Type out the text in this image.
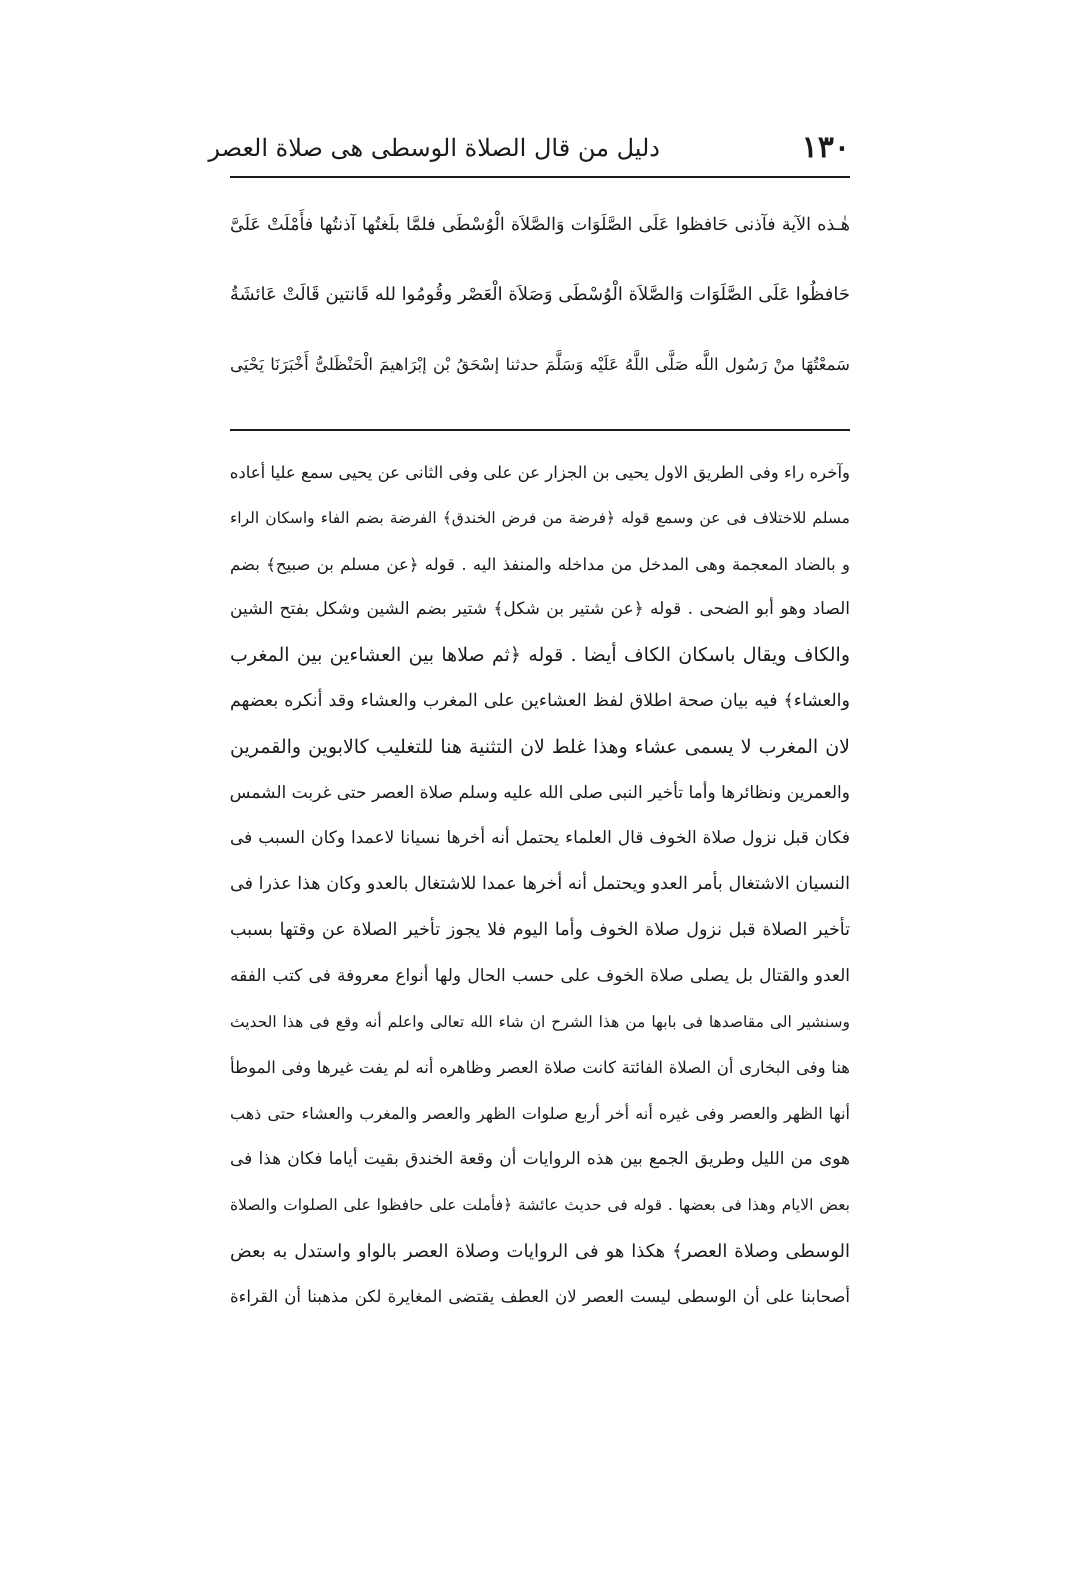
١٣٠
دليل من قال الصلاة الوسطى هى صلاة العصر
هٰـذه الآية فآذنى حَافظوا عَلَى الصَّلَوَات وَالصَّلاَة الْوُسْطَى فلمَّا بلَغتُها آذنتُها فأَمْلَتْ عَلَىَّ
حَافظُوا عَلَى الصَّلَوَات وَالصَّلاَة الْوُسْطَى وَصَلاَة الْعَصْر وقُومُوا لله قَانتين قَالَتْ عَائشَةُ
سَمعْتُهَا منْ رَسُول اللَّه صَلَّى اللَّهُ عَلَيْه وَسَلَّمَ حدثنا إسْحَقُ بْن إبْرَاهيمَ الْحَنْظَلىُّ أَخْبَرَنَا يَحْيَى
وآخره راء وفى الطريق الاول يحيى بن الجزار عن على وفى الثانى عن يحيى سمع عليا أعاده
مسلم للاختلاف فى عن وسمع قوله ﴿فرضة من فرض الخندق﴾ الفرضة بضم الفاء واسكان الراء
و بالضاد المعجمة وهى المدخل من مداخله والمنفذ اليه . قوله ﴿عن مسلم بن صبيح﴾ بضم
الصاد وهو أبو الضحى . قوله ﴿عن شتير بن شكل﴾ شتير بضم الشين وشكل بفتح الشين
والكاف ويقال باسكان الكاف أيضا . قوله ﴿ثم صلاها بين العشاءين بين المغرب
والعشاء﴾ فيه بيان صحة اطلاق لفظ العشاءين على المغرب والعشاء وقد أنكره بعضهم
لان المغرب لا يسمى عشاء وهذا غلط لان التثنية هنا للتغليب كالابوين والقمرين
والعمرين ونظائرها وأما تأخير النبى صلى الله عليه وسلم صلاة العصر حتى غربت الشمس
فكان قبل نزول صلاة الخوف قال العلماء يحتمل أنه أخرها نسيانا لاعمدا وكان السبب فى
النسيان الاشتغال بأمر العدو ويحتمل أنه أخرها عمدا للاشتغال بالعدو وكان هذا عذرا فى
تأخير الصلاة قبل نزول صلاة الخوف وأما اليوم فلا يجوز تأخير الصلاة عن وقتها بسبب
العدو والقتال بل يصلى صلاة الخوف على حسب الحال ولها أنواع معروفة فى كتب الفقه
وسنشير الى مقاصدها فى بابها من هذا الشرح ان شاء الله تعالى واعلم أنه وقع فى هذا الحديث
هنا وفى البخارى أن الصلاة الفائتة كانت صلاة العصر وظاهره أنه لم يفت غيرها وفى الموطأ
أنها الظهر والعصر وفى غيره أنه أخر أربع صلوات الظهر والعصر والمغرب والعشاء حتى ذهب
هوى من الليل وطريق الجمع بين هذه الروايات أن وقعة الخندق بقيت أياما فكان هذا فى
بعض الايام وهذا فى بعضها . قوله فى حديث عائشة ﴿فأملت على حافظوا على الصلوات والصلاة
الوسطى وصلاة العصر﴾ هكذا هو فى الروايات وصلاة العصر بالواو واستدل به بعض
أصحابنا على أن الوسطى ليست العصر لان العطف يقتضى المغايرة لكن مذهبنا أن القراءة
